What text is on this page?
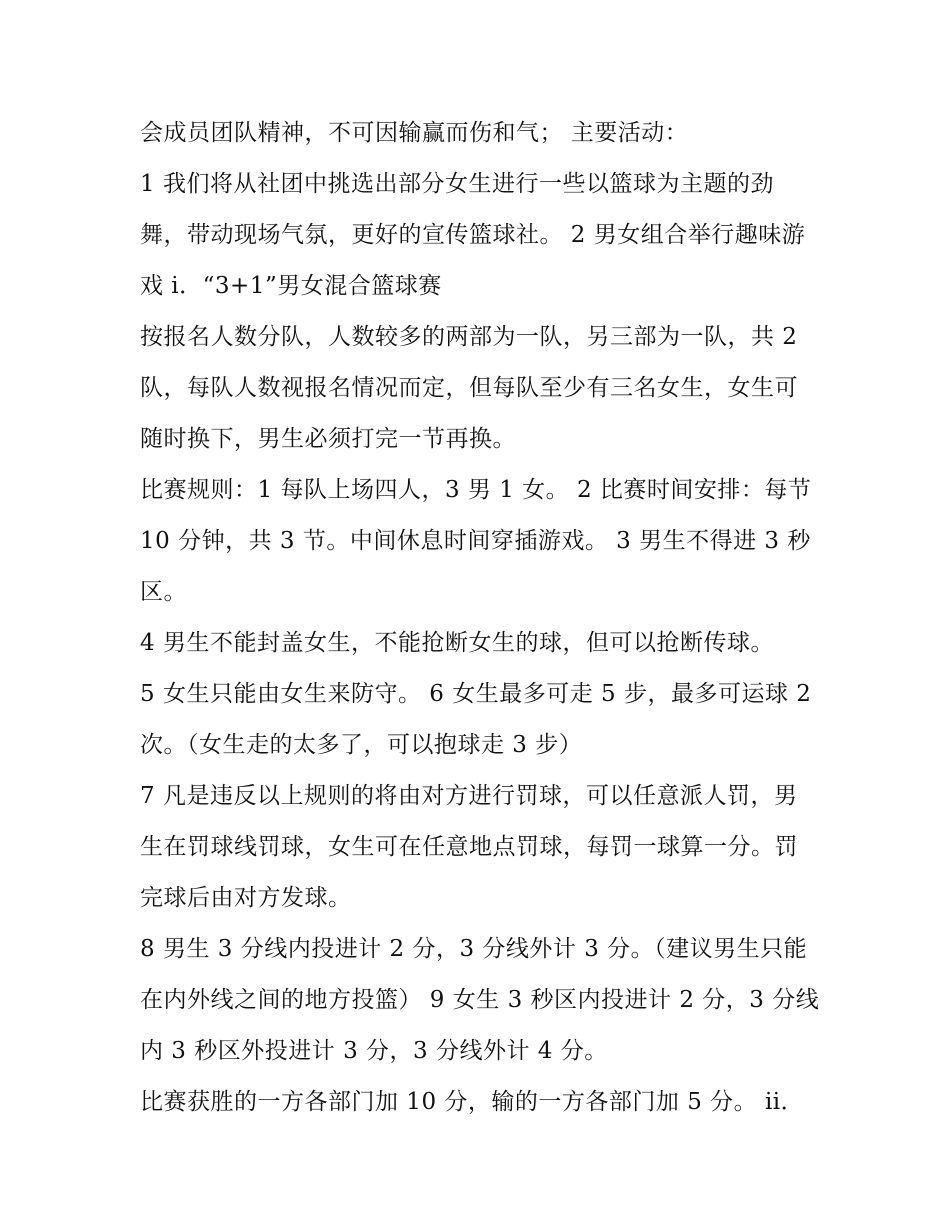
会成员团队精神，不可因输赢而伤和气； 主要活动：

1 我们将从社团中挑选出部分女生进行一些以篮球为主题的劲舞，带动现场气氛，更好的宣传篮球社。 2 男女组合举行趣味游戏 i．“3+1”男女混合篮球赛

按报名人数分队，人数较多的两部为一队，另三部为一队，共 2 队，每队人数视报名情况而定，但每队至少有三名女生，女生可随时换下，男生必须打完一节再换。

比赛规则：1 每队上场四人，3 男 1 女。 2 比赛时间安排：每节 10 分钟，共 3 节。中间休息时间穿插游戏。 3 男生不得进 3 秒区。

4 男生不能封盖女生，不能抢断女生的球，但可以抢断传球。

5 女生只能由女生来防守。 6 女生最多可走 5 步，最多可运球 2 次。（女生走的太多了，可以抱球走 3 步）

7 凡是违反以上规则的将由对方进行罚球，可以任意派人罚，男生在罚球线罚球，女生可在任意地点罚球，每罚一球算一分。罚完球后由对方发球。

8 男生 3 分线内投进计 2 分，3 分线外计 3 分。（建议男生只能在内外线之间的地方投篮） 9 女生 3 秒区内投进计 2 分，3 分线内 3 秒区外投进计 3 分，3 分线外计 4 分。

比赛获胜的一方各部门加 10 分，输的一方各部门加 5 分。 ii．
